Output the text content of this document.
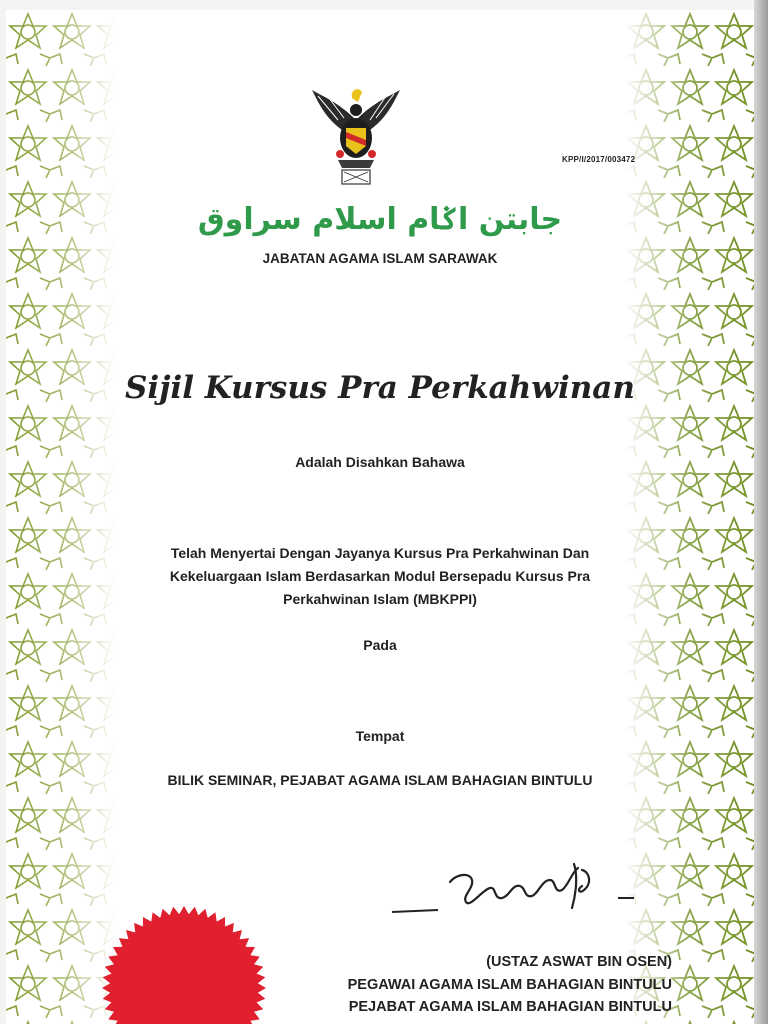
KPP/I/2017/003472
جابتن اݢام اسلام سراوق
JABATAN AGAMA ISLAM SARAWAK
Sijil Kursus Pra Perkahwinan
Adalah Disahkan Bahawa
Telah Menyertai Dengan Jayanya Kursus Pra Perkahwinan Dan
Kekeluargaan Islam Berdasarkan Modul Bersepadu Kursus Pra
Perkahwinan Islam (MBKPPI)
Pada
Tempat
BILIK SEMINAR, PEJABAT AGAMA ISLAM BAHAGIAN BINTULU
(USTAZ ASWAT BIN OSEN)
PEGAWAI AGAMA ISLAM BAHAGIAN BINTULU
PEJABAT AGAMA ISLAM BAHAGIAN BINTULU
